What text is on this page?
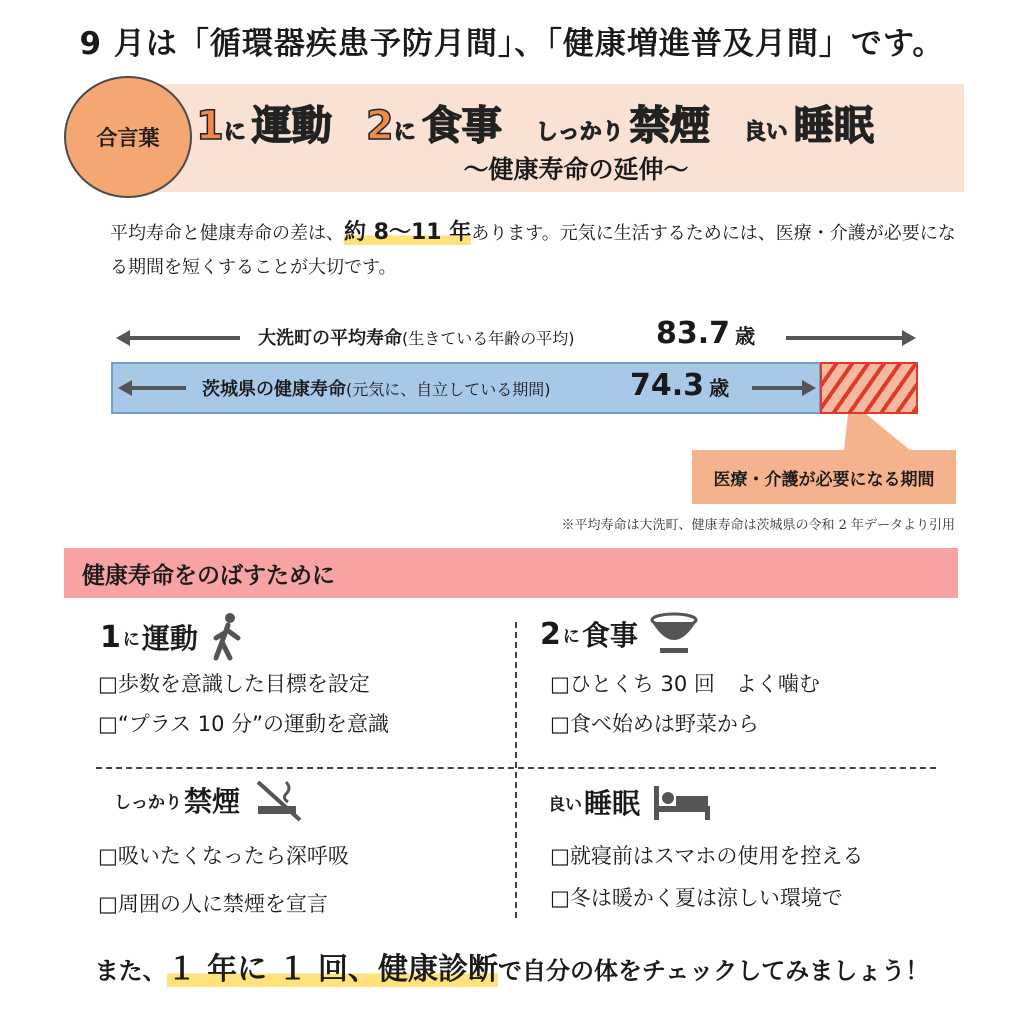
9 月は「循環器疾患予防月間」、「健康増進普及月間」です。
合言葉 1に 運動 2に 食事 しっかり 禁煙 良い 睡眠
～健康寿命の延伸～
平均寿命と健康寿命の差は、約 8～11 年あります。元気に生活するためには、医療・介護が必要になる期間を短くすることが大切です。
大洗町の平均寿命(生きている年齢の平均)	83.7 歳
茨城県の健康寿命(元気に、自立している期間)	74.3 歳
医療・介護が必要になる期間
※平均寿命は大洗町、健康寿命は茨城県の令和 2 年データより引用
健康寿命をのばすために
1 に 運動
□歩数を意識した目標を設定
□“プラス 10 分”の運動を意識
2 に 食事
□ひとくち 30 回　よく噛む
□食べ始めは野菜から
しっかり 禁煙
□吸いたくなったら深呼吸
□周囲の人に禁煙を宣言
良い 睡眠
□就寝前はスマホの使用を控える
□冬は暖かく夏は涼しい環境で
また、１ 年に １ 回、健康診断で自分の体をチェックしてみましょう！
